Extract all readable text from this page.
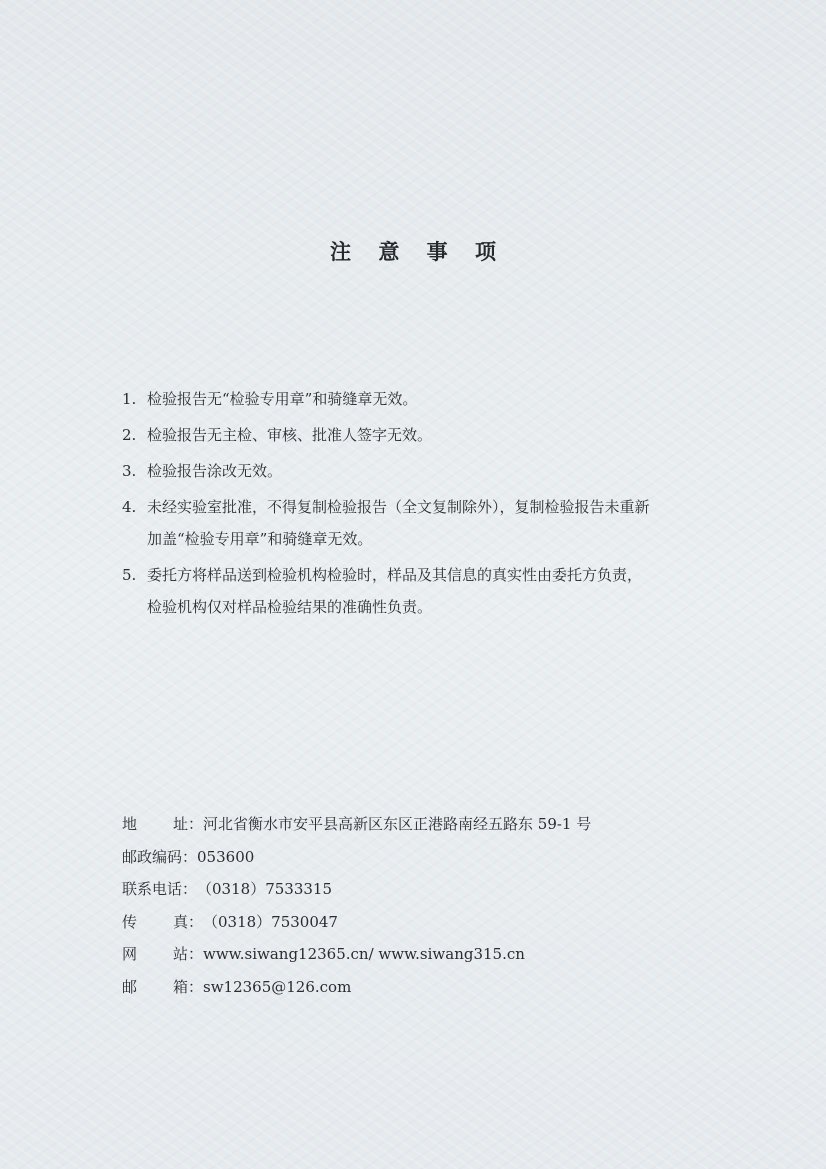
注 意 事 项
1. 检验报告无“检验专用章”和骑缝章无效。
2. 检验报告无主检、审核、批准人签字无效。
3. 检验报告涂改无效。
4. 未经实验室批准，不得复制检验报告（全文复制除外），复制检验报告未重新
加盖“检验专用章”和骑缝章无效。
5. 委托方将样品送到检验机构检验时，样品及其信息的真实性由委托方负责，
检验机构仅对样品检验结果的准确性负责。
地 址： 河北省衡水市安平县高新区东区正港路南经五路东 59-1 号
邮政编码： 053600
联系电话： （0318）7533315
传 真： （0318）7530047
网 站： www.siwang12365.cn/ www.siwang315.cn
邮 箱： sw12365@126.com
